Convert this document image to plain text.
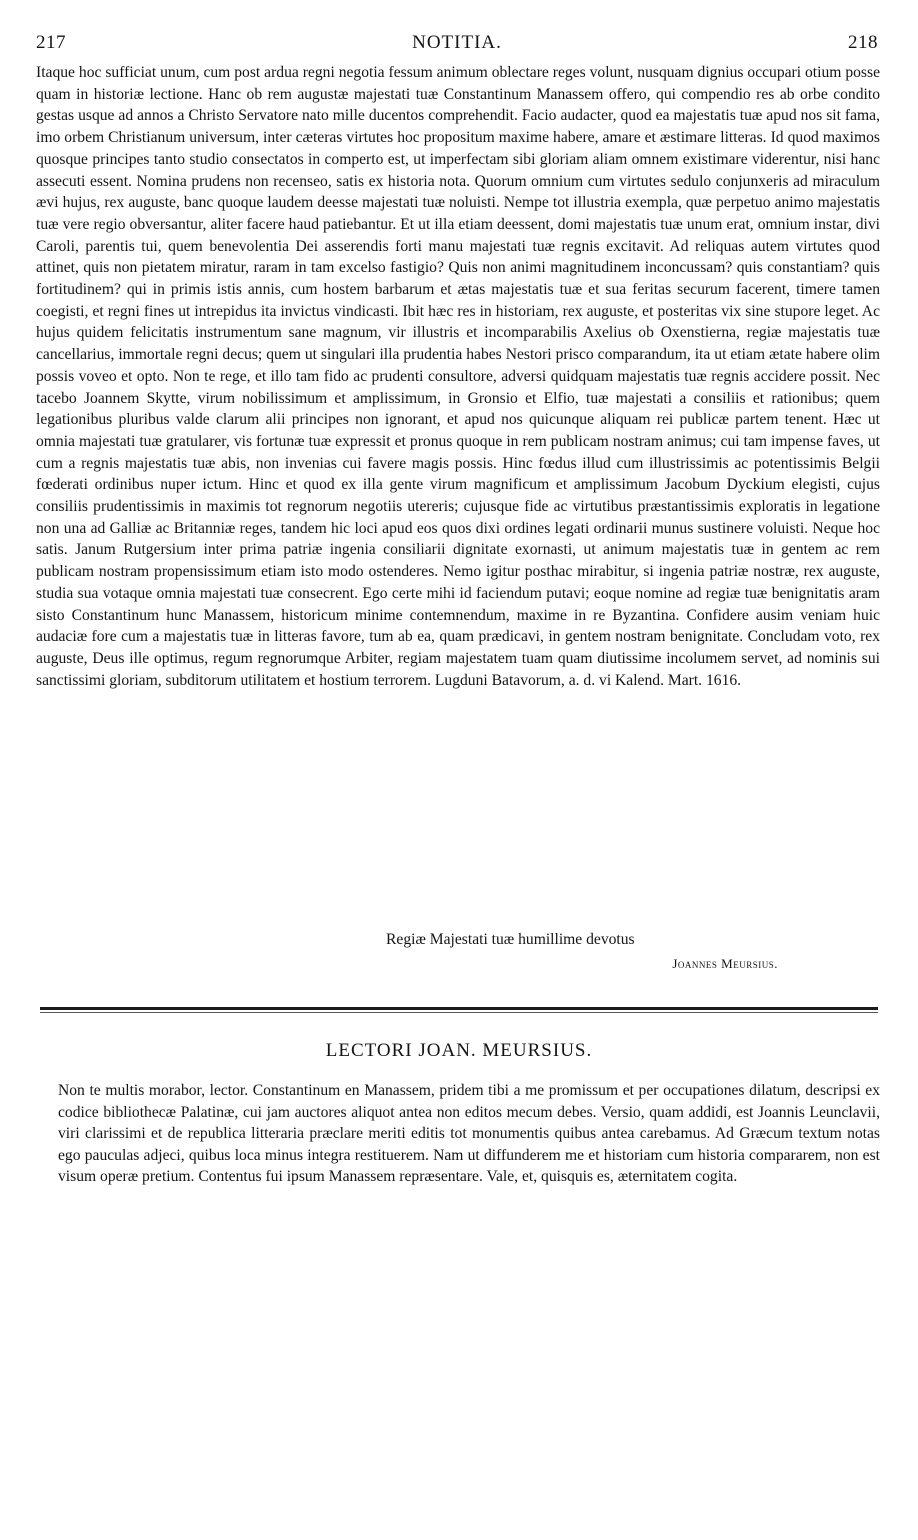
217	NOTITIA.	218

Itaque hoc sufficiat unum, cum post ardua regni negotia fessum animum oblectare reges volunt, nusquam dignius occupari otium posse quam in historiæ lectione. Hanc ob rem augustæ majestati tuæ Constantinum Manassem offero, qui compendio res ab orbe condito gestas usque ad annos a Christo Servatore nato mille ducentos comprehendit. Facio audacter, quod ea majestatis tuæ apud nos sit fama, imo orbem Christianum universum, inter cæteras virtutes hoc propositum maxime habere, amare et æstimare litteras. Id quod maximos quosque principes tanto studio consectatos in comperto est, ut imperfectam sibi gloriam aliam omnem existimare viderentur, nisi hanc assecuti essent. Nomina prudens non recenseo, satis ex historia nota. Quorum omnium cum virtutes sedulo conjunxeris ad miraculum ævi hujus, rex auguste, banc quoque laudem deesse majestati tuæ noluisti. Nempe tot illustria exempla, quæ perpetuo animo majestatis tuæ vere regio obversantur, aliter facere haud patiebantur. Et ut illa etiam deessent, domi majestatis tuæ unum erat, omnium instar, divi Caroli, parentis tui, quem benevolentia Dei asserendis forti manu majestati tuæ regnis excitavit. Ad reliquas autem virtutes quod attinet, quis non pietatem miratur, raram in tam excelso fastigio? Quis non animi magnitudinem inconcussam? quis constantiam? quis fortitudinem? qui in primis istis annis, cum hostem barbarum et ætas majestatis tuæ et sua feritas securum facerent, timere tamen coegisti, et regni fines ut intrepidus ita invictus vindicasti. Ibit hæc res in historiam, rex auguste, et posteritas vix sine stupore leget. Ac hujus quidem felicitatis instrumentum sane magnum, vir illustris et incomparabilis Axelius ob Oxenstierna, regiæ majestatis tuæ cancellarius, immortale regni decus; quem ut singulari illa prudentia habes Nestori prisco comparandum, ita ut etiam ætate habere olim possis voveo et opto. Non te rege, et illo tam fido ac prudenti consultore, adversi quidquam majestatis tuæ regnis accidere possit. Nec tacebo Joannem Skytte, virum nobilissimum et amplissimum, in Gronsio et Elfio, tuæ majestati a consiliis et rationibus; quem legationibus pluribus valde clarum alii principes non ignorant, et apud nos quicunque aliquam rei publicæ partem tenent. Hæc ut omnia majestati tuæ gratularer, vis fortunæ tuæ expressit et pronus quoque in rem publicam nostram animus; cui tam impense faves, ut cum a regnis majestatis tuæ abis, non invenias cui favere magis possis. Hinc fœdus illud cum illustrissimis ac potentissimis Belgii fœderati ordinibus nuper ictum. Hinc et quod ex illa gente virum magnificum et amplissimum Jacobum Dyckium elegisti, cujus consiliis prudentissimis in maximis tot regnorum negotiis utereris; cujusque fide ac virtutibus præstantissimis exploratis in legatione non una ad Galliæ ac Britanniæ reges, tandem hic loci apud eos quos dixi ordines legati ordinarii munus sustinere voluisti. Neque hoc satis. Janum Rutgersium inter prima patriæ ingenia consiliarii dignitate exornasti, ut animum majestatis tuæ in gentem ac rem publicam nostram propensissimum etiam isto modo ostenderes. Nemo igitur posthac mirabitur, si ingenia patriæ nostræ, rex auguste, studia sua votaque omnia majestati tuæ consecrent. Ego certe mihi id faciendum putavi; eoque nomine ad regiæ tuæ benignitatis aram sisto Constantinum hunc Manassem, historicum minime contemnendum, maxime in re Byzantina. Confidere ausim veniam huic audaciæ fore cum a majestatis tuæ in litteras favore, tum ab ea, quam prædicavi, in gentem nostram benignitate. Concludam voto, rex auguste, Deus ille optimus, regum regnorumque Arbiter, regiam majestatem tuam quam diutissime incolumem servet, ad nominis sui sanctissimi gloriam, subditorum utilitatem et hostium terrorem. Lugduni Batavorum, a. d. vi Kalend. Mart. 1616.

Regiæ Majestati tuæ humillime devotus
Joannes Meursius.
LECTORI JOAN. MEURSIUS.

Non te multis morabor, lector. Constantinum en Manassem, pridem tibi a me promissum et per occupationes dilatum, descripsi ex codice bibliothecæ Palatinæ, cui jam auctores aliquot antea non editos mecum debes. Versio, quam addidi, est Joannis Leunclavii, viri clarissimi et de republica litteraria præclare meriti editis tot monumentis quibus antea carebamus. Ad Græcum textum notas ego pauculas adjeci, quibus loca minus integra restituerem. Nam ut diffunderem me et historiam cum historia compararem, non est visum operæ pretium. Contentus fui ipsum Manassem repræsentare. Vale, et, quisquis es, æternitatem cogita.
